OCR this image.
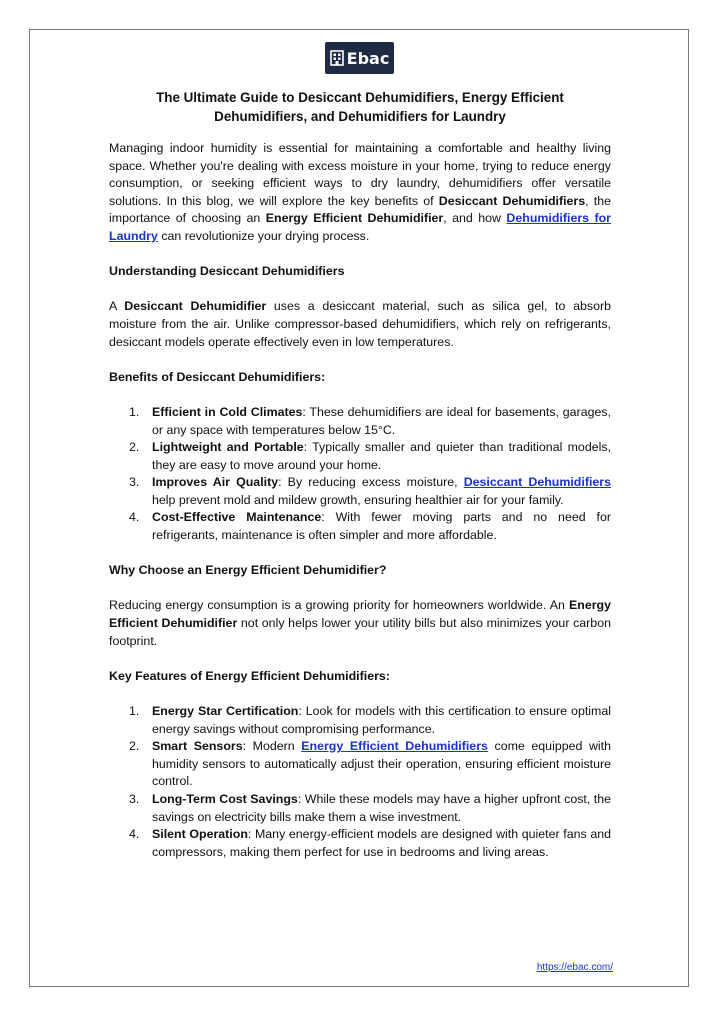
Ebac
The Ultimate Guide to Desiccant Dehumidifiers, Energy Efficient Dehumidifiers, and Dehumidifiers for Laundry

Managing indoor humidity is essential for maintaining a comfortable and healthy living space. Whether you're dealing with excess moisture in your home, trying to reduce energy consumption, or seeking efficient ways to dry laundry, dehumidifiers offer versatile solutions. In this blog, we will explore the key benefits of Desiccant Dehumidifiers, the importance of choosing an Energy Efficient Dehumidifier, and how Dehumidifiers for Laundry can revolutionize your drying process.

Understanding Desiccant Dehumidifiers

A Desiccant Dehumidifier uses a desiccant material, such as silica gel, to absorb moisture from the air. Unlike compressor-based dehumidifiers, which rely on refrigerants, desiccant models operate effectively even in low temperatures.

Benefits of Desiccant Dehumidifiers:

1. Efficient in Cold Climates: These dehumidifiers are ideal for basements, garages, or any space with temperatures below 15°C.
2. Lightweight and Portable: Typically smaller and quieter than traditional models, they are easy to move around your home.
3. Improves Air Quality: By reducing excess moisture, Desiccant Dehumidifiers help prevent mold and mildew growth, ensuring healthier air for your family.
4. Cost-Effective Maintenance: With fewer moving parts and no need for refrigerants, maintenance is often simpler and more affordable.

Why Choose an Energy Efficient Dehumidifier?

Reducing energy consumption is a growing priority for homeowners worldwide. An Energy Efficient Dehumidifier not only helps lower your utility bills but also minimizes your carbon footprint.

Key Features of Energy Efficient Dehumidifiers:

1. Energy Star Certification: Look for models with this certification to ensure optimal energy savings without compromising performance.
2. Smart Sensors: Modern Energy Efficient Dehumidifiers come equipped with humidity sensors to automatically adjust their operation, ensuring efficient moisture control.
3. Long-Term Cost Savings: While these models may have a higher upfront cost, the savings on electricity bills make them a wise investment.
4. Silent Operation: Many energy-efficient models are designed with quieter fans and compressors, making them perfect for use in bedrooms and living areas.
https://ebac.com/
